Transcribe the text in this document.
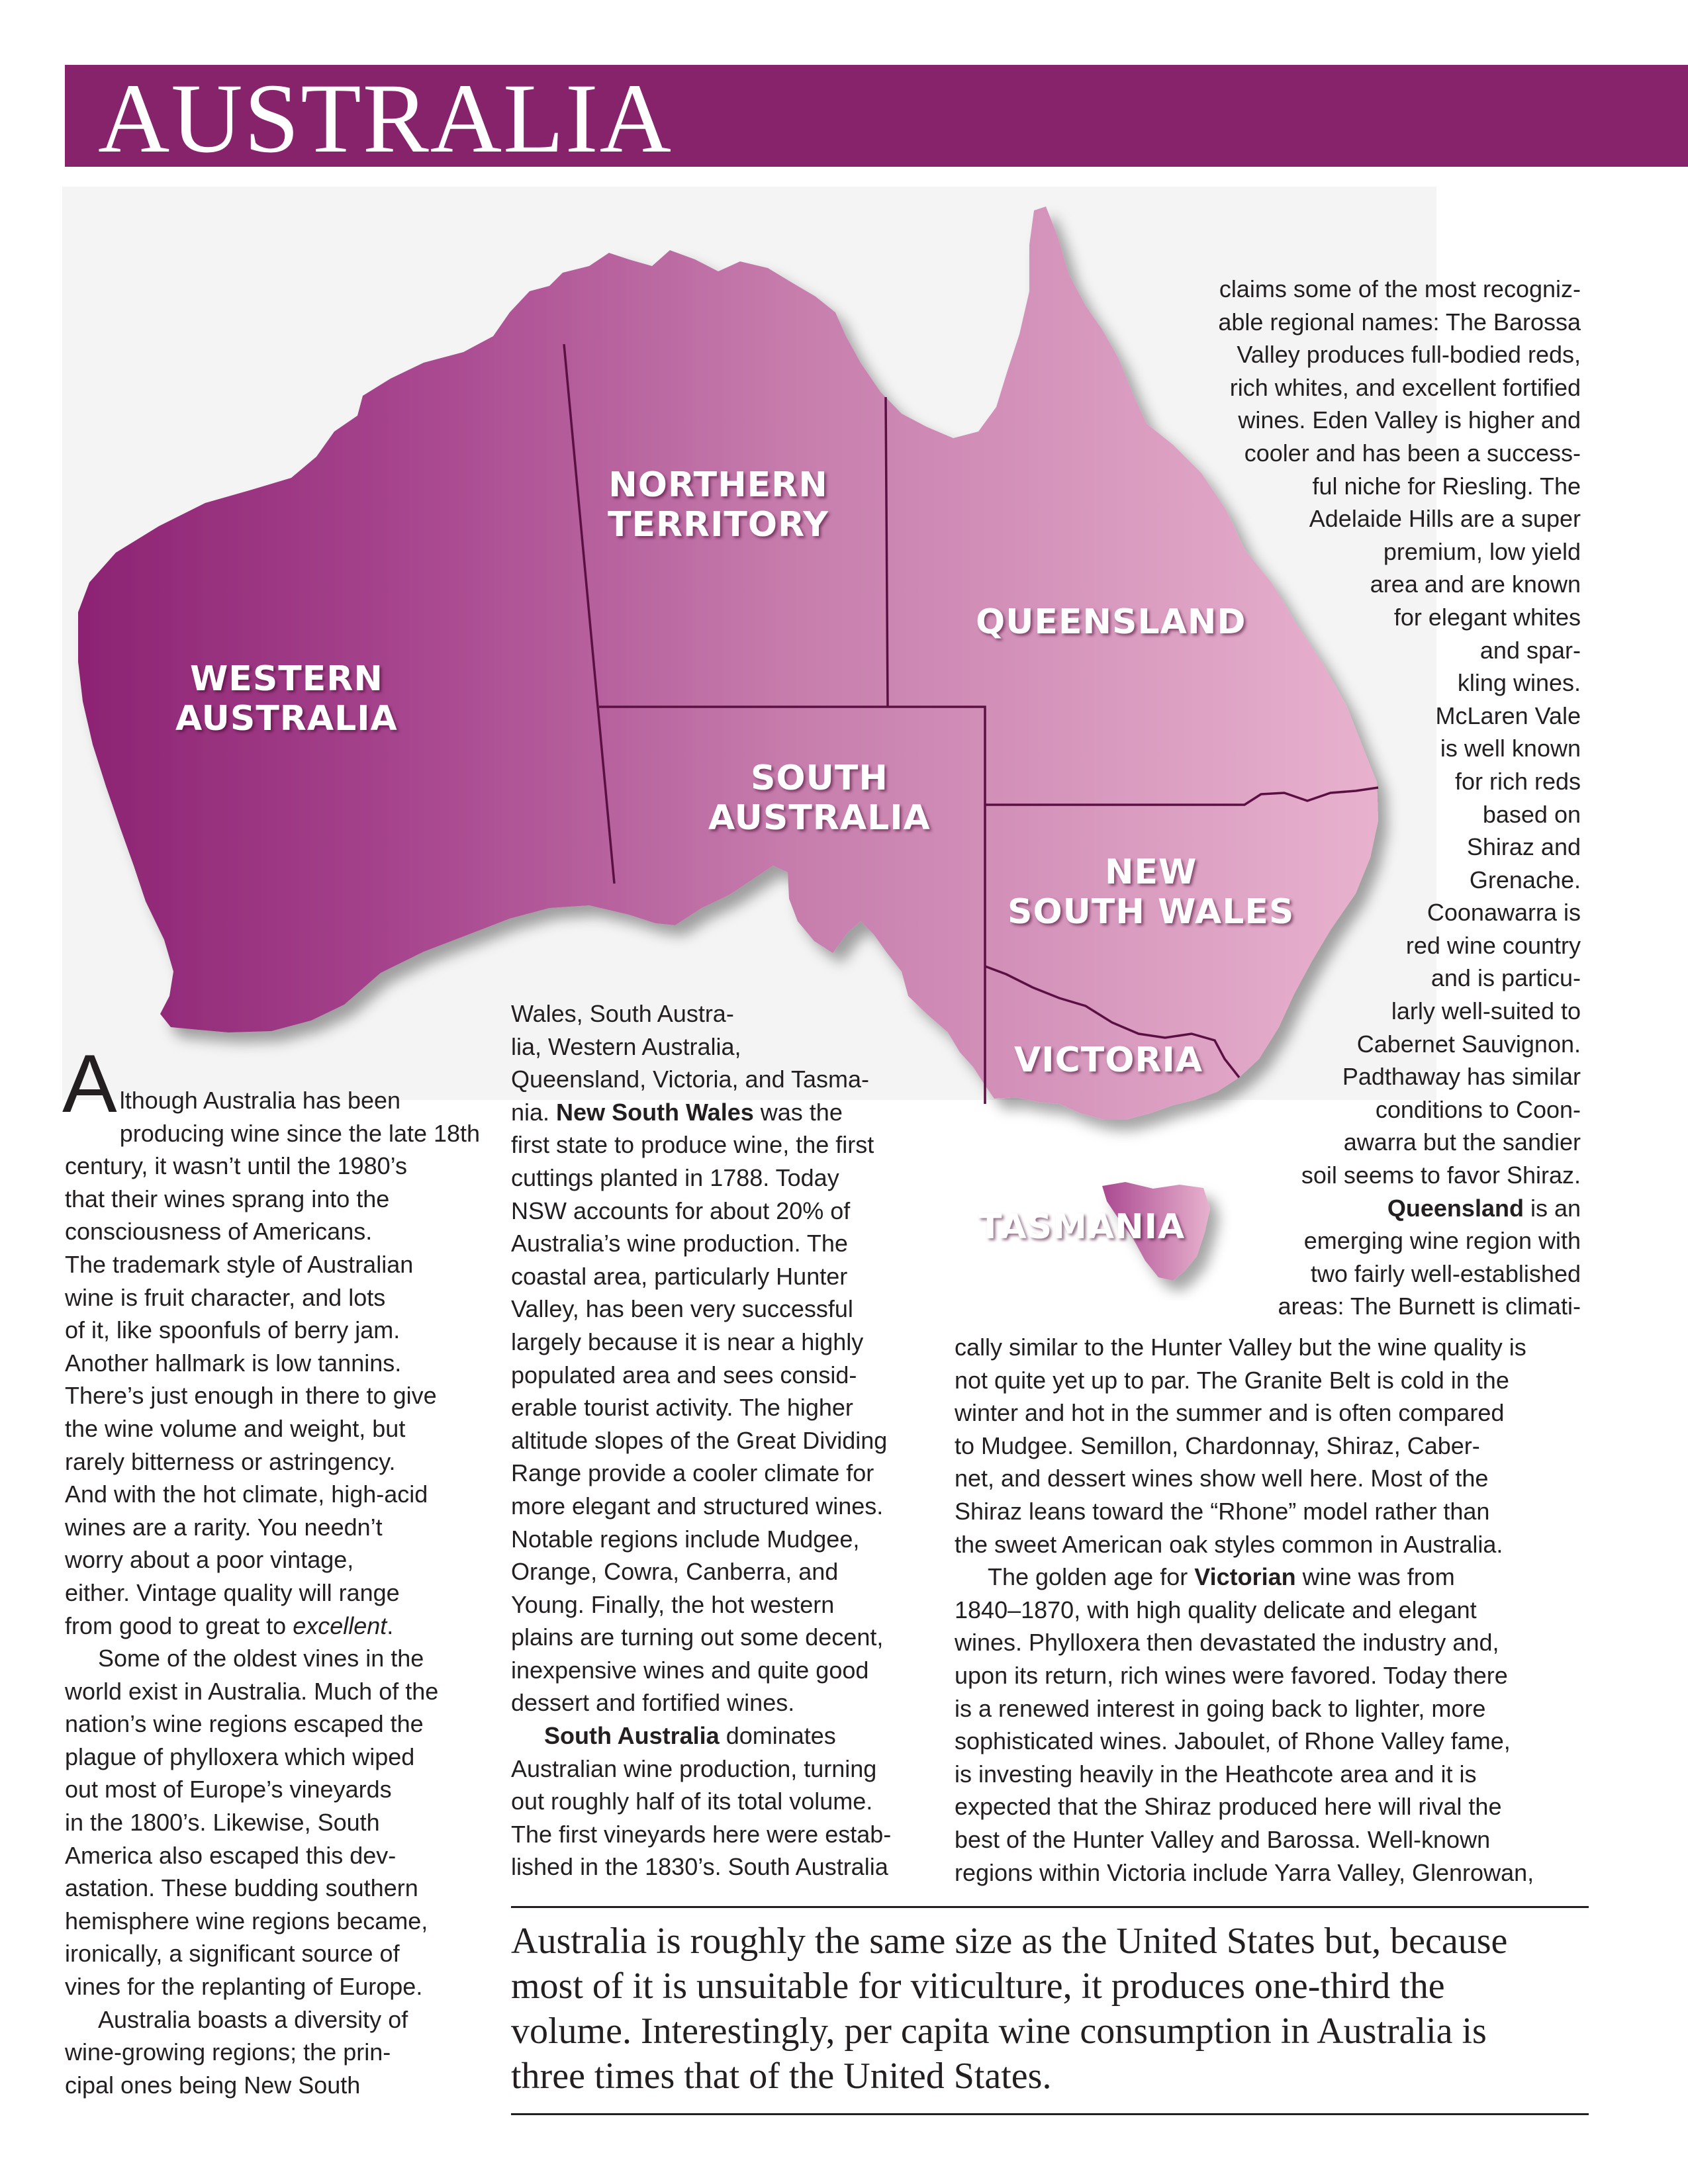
AUSTRALIA
WESTERN
AUSTRALIA
NORTHERN
TERRITORY
QUEENSLAND
SOUTH
AUSTRALIA
NEW
SOUTH WALES
VICTORIA
TASMANIA
claims some of the most recogniz-
able regional names: The Barossa
Valley produces full-bodied reds,
rich whites, and excellent fortified
wines. Eden Valley is higher and
cooler and has been a success-
ful niche for Riesling. The
Adelaide Hills are a super
premium, low yield
area and are known
for elegant whites
and spar-
kling wines.
McLaren Vale
is well known
for rich reds
based on
Shiraz and
Grenache.
Coonawarra is
red wine country
and is particu-
larly well-suited to
Cabernet Sauvignon.
Padthaway has similar
conditions to Coon-
awarra but the sandier
soil seems to favor Shiraz.
Queensland is an
emerging wine region with
two fairly well-established
areas: The Burnett is climati-

A lthough Australia has been
producing wine since the late 18th
century, it wasn’t until the 1980’s
that their wines sprang into the
consciousness of Americans.
The trademark style of Australian
wine is fruit character, and lots
of it, like spoonfuls of berry jam.
Another hallmark is low tannins.
There’s just enough in there to give
the wine volume and weight, but
rarely bitterness or astringency.
And with the hot climate, high-acid
wines are a rarity. You needn’t
worry about a poor vintage,
either. Vintage quality will range
from good to great to excellent.

Some of the oldest vines in the
world exist in Australia. Much of the
nation’s wine regions escaped the
plague of phylloxera which wiped
out most of Europe’s vineyards
in the 1800’s. Likewise, South
America also escaped this dev-
astation. These budding southern
hemisphere wine regions became,
ironically, a significant source of
vines for the replanting of Europe.

Australia boasts a diversity of
wine-growing regions; the prin-
cipal ones being New South

Wales, South Austra-
lia, Western Australia,
Queensland, Victoria, and Tasma-
nia. New South Wales was the
first state to produce wine, the first
cuttings planted in 1788. Today
NSW accounts for about 20% of
Australia’s wine production. The
coastal area, particularly Hunter
Valley, has been very successful
largely because it is near a highly
populated area and sees consid-
erable tourist activity. The higher
altitude slopes of the Great Dividing
Range provide a cooler climate for
more elegant and structured wines.
Notable regions include Mudgee,
Orange, Cowra, Canberra, and
Young. Finally, the hot western
plains are turning out some decent,
inexpensive wines and quite good
dessert and fortified wines.

South Australia dominates
Australian wine production, turning
out roughly half of its total volume.
The first vineyards here were estab-
lished in the 1830’s. South Australia

cally similar to the Hunter Valley but the wine quality is
not quite yet up to par. The Granite Belt is cold in the
winter and hot in the summer and is often compared
to Mudgee. Semillon, Chardonnay, Shiraz, Caber-
net, and dessert wines show well here. Most of the
Shiraz leans toward the “Rhone” model rather than
the sweet American oak styles common in Australia.

The golden age for Victorian wine was from
1840–1870, with high quality delicate and elegant
wines. Phylloxera then devastated the industry and,
upon its return, rich wines were favored. Today there
is a renewed interest in going back to lighter, more
sophisticated wines. Jaboulet, of Rhone Valley fame,
is investing heavily in the Heathcote area and it is
expected that the Shiraz produced here will rival the
best of the Hunter Valley and Barossa. Well-known
regions within Victoria include Yarra Valley, Glenrowan,

Australia is roughly the same size as the United States but, because
most of it is unsuitable for viticulture, it produces one-third the
volume. Interestingly, per capita wine consumption in Australia is
three times that of the United States.
